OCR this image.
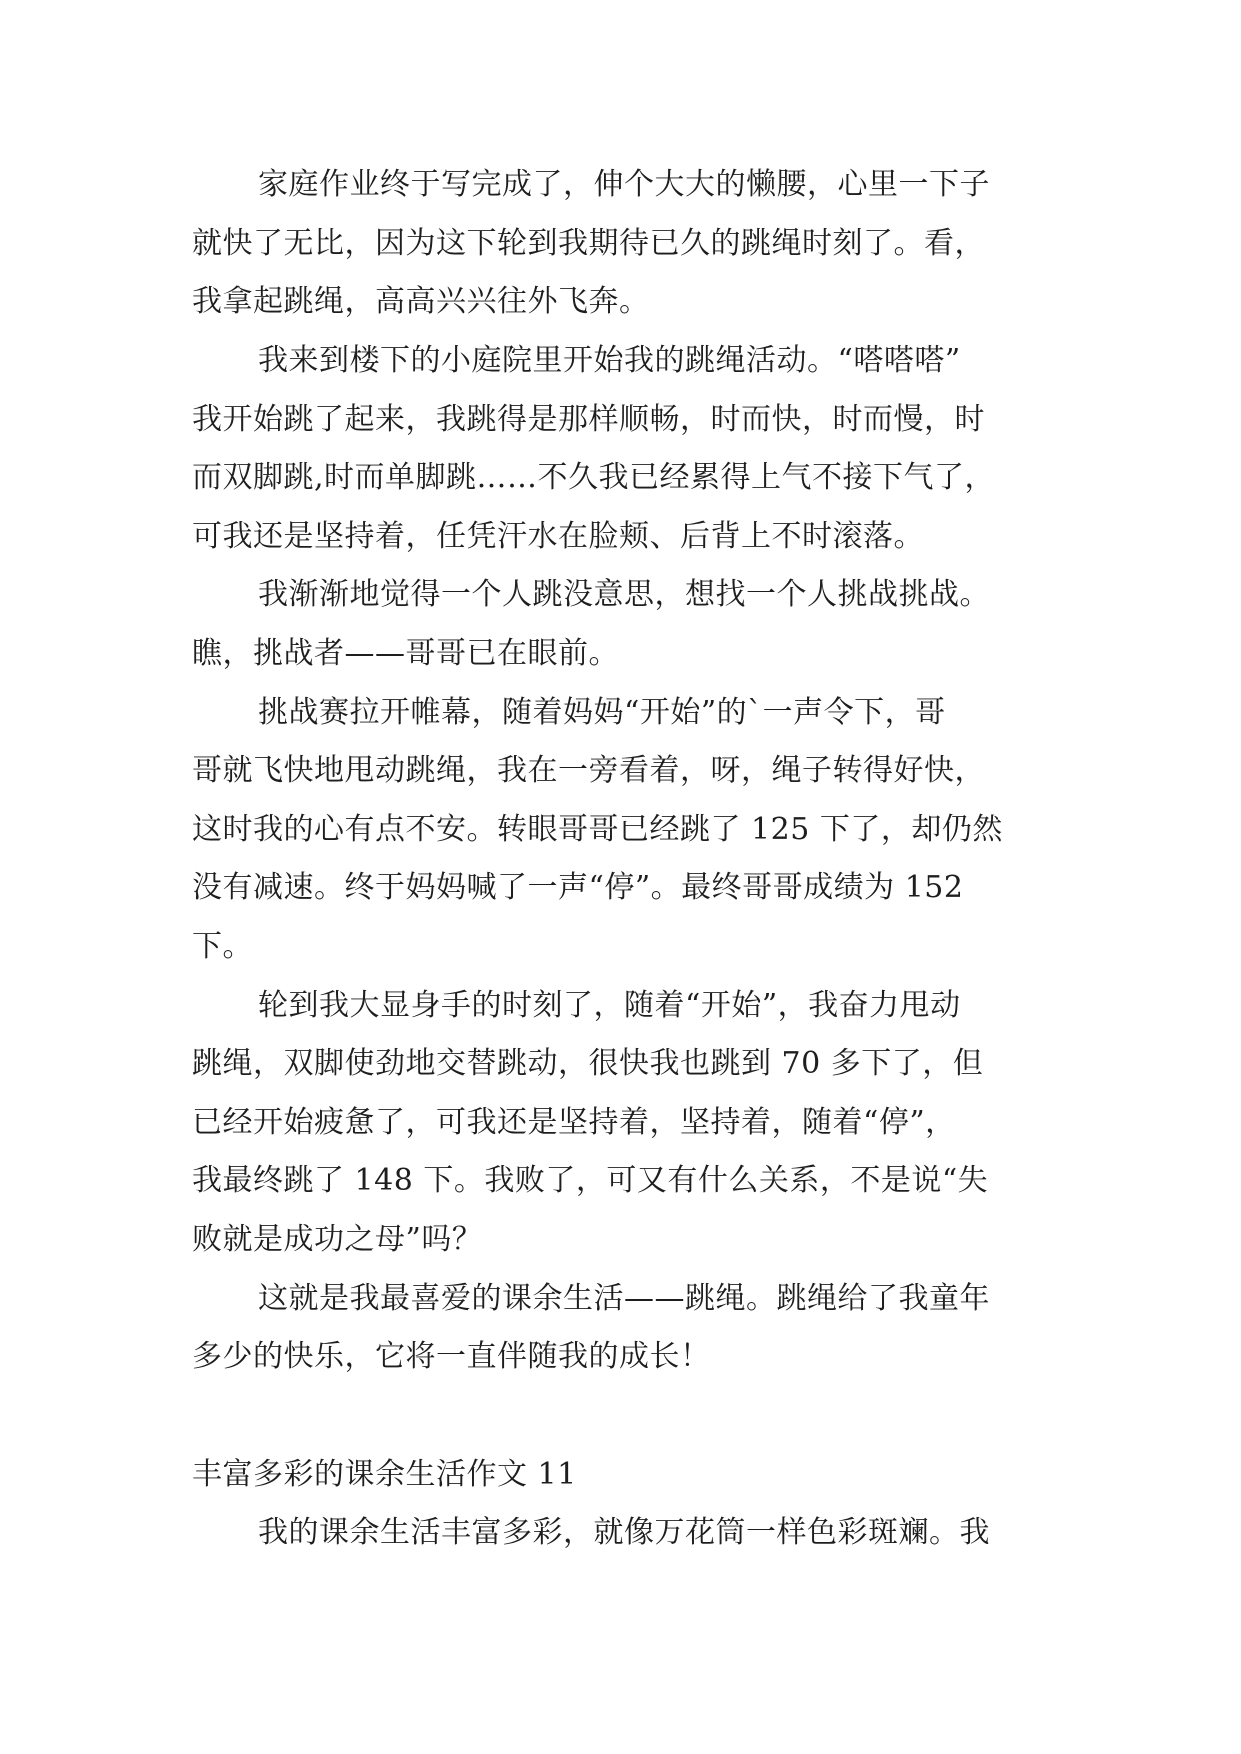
家庭作业终于写完成了，伸个大大的懒腰，心里一下子

就快了无比，因为这下轮到我期待已久的跳绳时刻了。看，

我拿起跳绳，高高兴兴往外飞奔。

我来到楼下的小庭院里开始我的跳绳活动。“嗒嗒嗒”

我开始跳了起来，我跳得是那样顺畅，时而快，时而慢，时

而双脚跳,时而单脚跳……不久我已经累得上气不接下气了，

可我还是坚持着，任凭汗水在脸颊、后背上不时滚落。

我渐渐地觉得一个人跳没意思，想找一个人挑战挑战。

瞧，挑战者——哥哥已在眼前。

挑战赛拉开帷幕，随着妈妈“开始”的`一声令下，哥

哥就飞快地甩动跳绳，我在一旁看着，呀，绳子转得好快，

这时我的心有点不安。转眼哥哥已经跳了 125 下了，却仍然

没有减速。终于妈妈喊了一声“停”。最终哥哥成绩为 152

下。

轮到我大显身手的时刻了，随着“开始”，我奋力甩动

跳绳，双脚使劲地交替跳动，很快我也跳到 70 多下了，但

已经开始疲惫了，可我还是坚持着，坚持着，随着“停”，

我最终跳了 148 下。我败了，可又有什么关系，不是说“失

败就是成功之母”吗？

这就是我最喜爱的课余生活——跳绳。跳绳给了我童年

多少的快乐，它将一直伴随我的成长！

丰富多彩的课余生活作文 11

我的课余生活丰富多彩，就像万花筒一样色彩斑斓。我
